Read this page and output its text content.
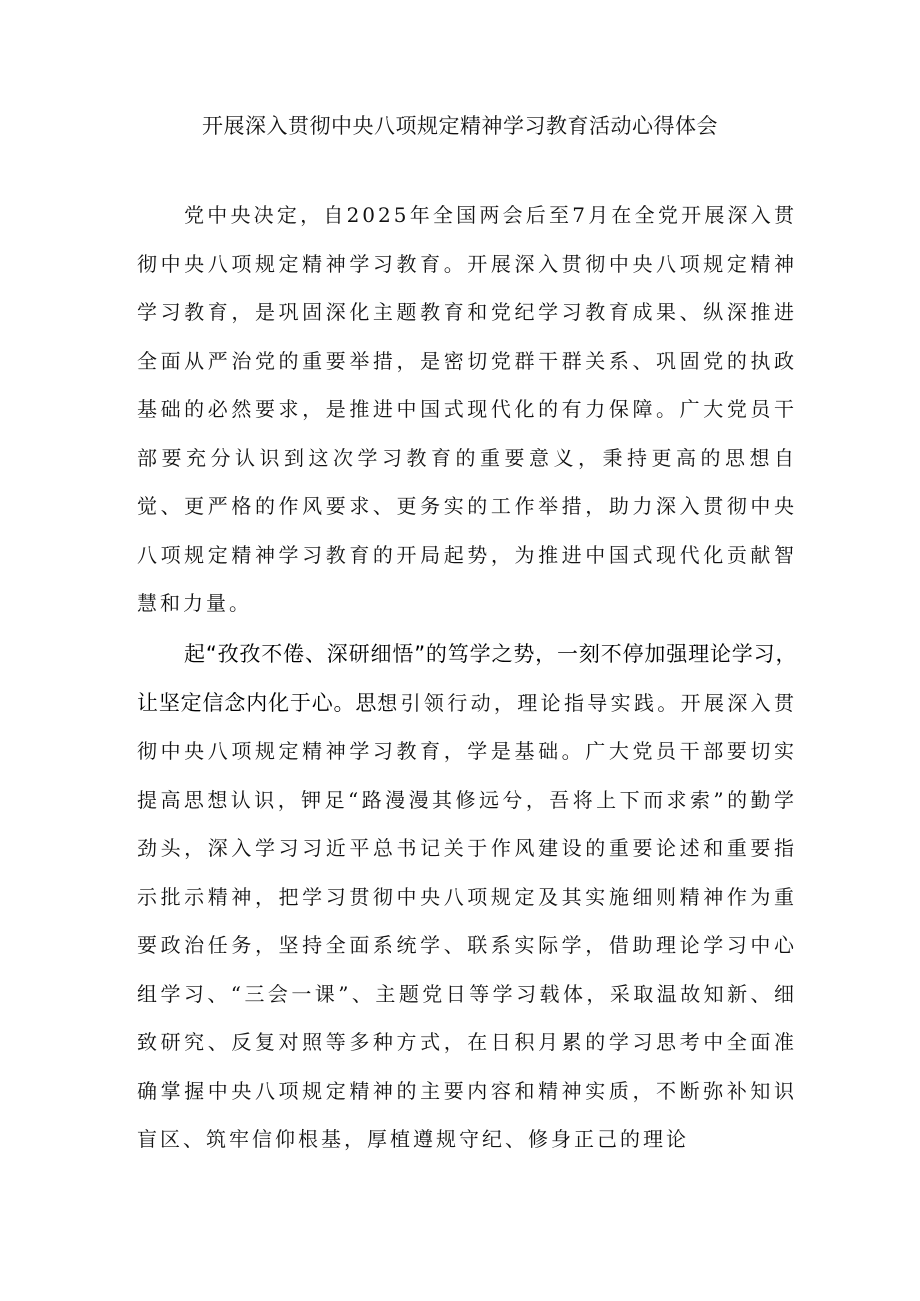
开展深入贯彻中央八项规定精神学习教育活动心得体会

党中央决定，自2025年全国两会后至7月在全党开展深入贯彻中央八项规定精神学习教育。开展深入贯彻中央八项规定精神学习教育，是巩固深化主题教育和党纪学习教育成果、纵深推进全面从严治党的重要举措，是密切党群干群关系、巩固党的执政基础的必然要求，是推进中国式现代化的有力保障。广大党员干部要充分认识到这次学习教育的重要意义，秉持更高的思想自觉、更严格的作风要求、更务实的工作举措，助力深入贯彻中央八项规定精神学习教育的开局起势，为推进中国式现代化贡献智慧和力量。

起“孜孜不倦、深研细悟”的笃学之势，一刻不停加强理论学习，让坚定信念内化于心。思想引领行动，理论指导实践。开展深入贯彻中央八项规定精神学习教育，学是基础。广大党员干部要切实提高思想认识，钾足“路漫漫其修远兮，吾将上下而求索”的勤学劲头，深入学习习近平总书记关于作风建设的重要论述和重要指示批示精神，把学习贯彻中央八项规定及其实施细则精神作为重要政治任务，坚持全面系统学、联系实际学，借助理论学习中心组学习、“三会一课”、主题党日等学习载体，采取温故知新、细致研究、反复对照等多种方式，在日积月累的学习思考中全面准确掌握中央八项规定精神的主要内容和精神实质，不断弥补知识盲区、筑牢信仰根基，厚植遵规守纪、修身正己的理论
